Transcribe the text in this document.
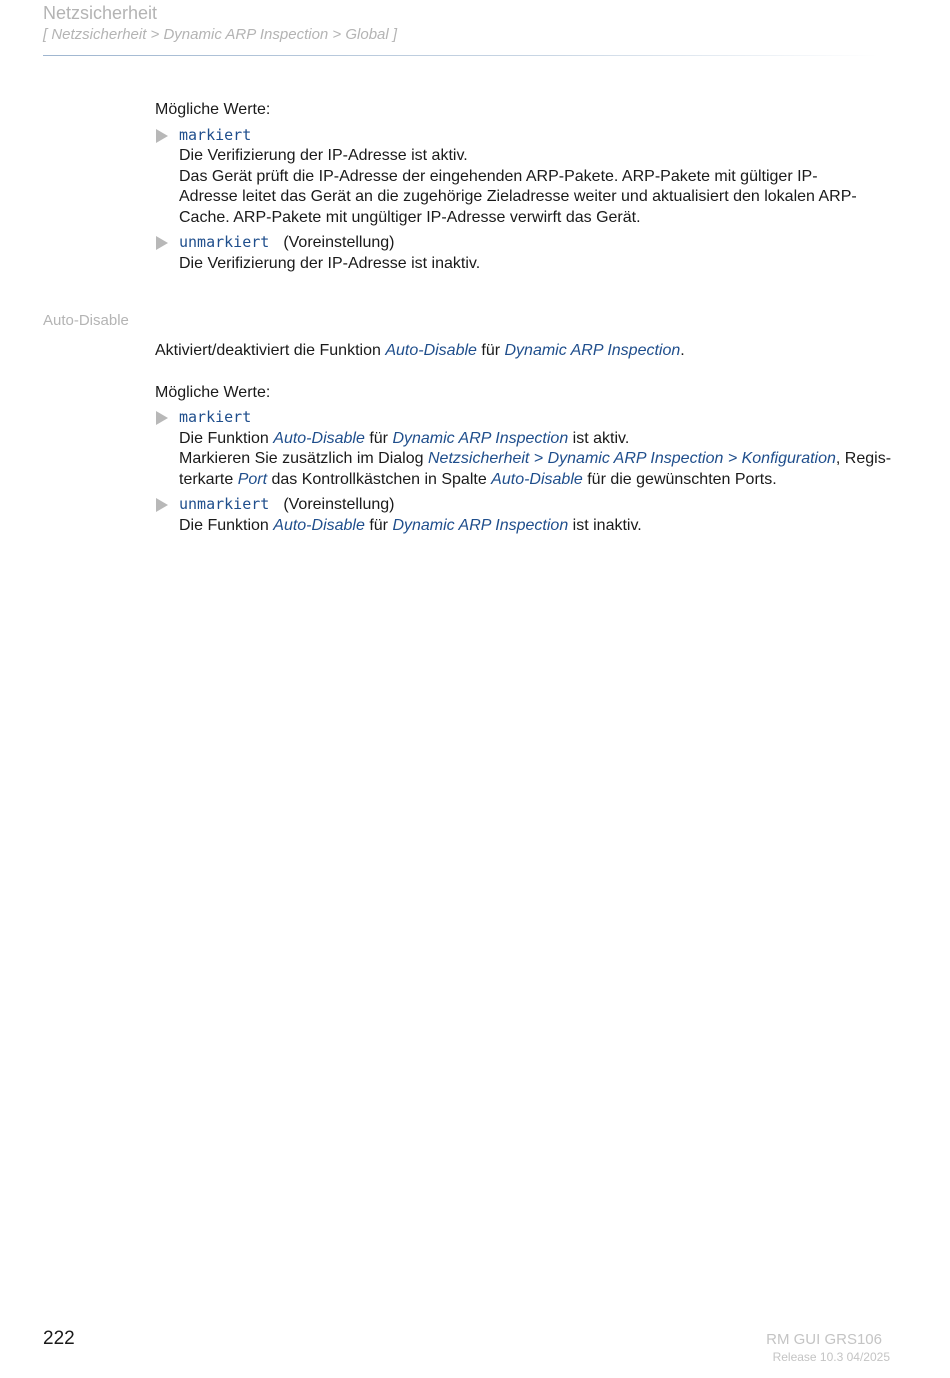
Netzsicherheit
[ Netzsicherheit > Dynamic ARP Inspection > Global ]
Mögliche Werte:
markiert
Die Verifizierung der IP-Adresse ist aktiv.
Das Gerät prüft die IP-Adresse der eingehenden ARP-Pakete. ARP-Pakete mit gültiger IP-
Adresse leitet das Gerät an die zugehörige Zieladresse weiter und aktualisiert den lokalen ARP-
Cache. ARP-Pakete mit ungültiger IP-Adresse verwirft das Gerät.
unmarkiert (Voreinstellung)
Die Verifizierung der IP-Adresse ist inaktiv.
Auto-Disable
Aktiviert/deaktiviert die Funktion Auto-Disable für Dynamic ARP Inspection.
Mögliche Werte:
markiert
Die Funktion Auto-Disable für Dynamic ARP Inspection ist aktiv.
Markieren Sie zusätzlich im Dialog Netzsicherheit > Dynamic ARP Inspection > Konfiguration, Regis-
terkarte Port das Kontrollkästchen in Spalte Auto-Disable für die gewünschten Ports.
unmarkiert (Voreinstellung)
Die Funktion Auto-Disable für Dynamic ARP Inspection ist inaktiv.
222	RM GUI GRS106
Release 10.3 04/2025
